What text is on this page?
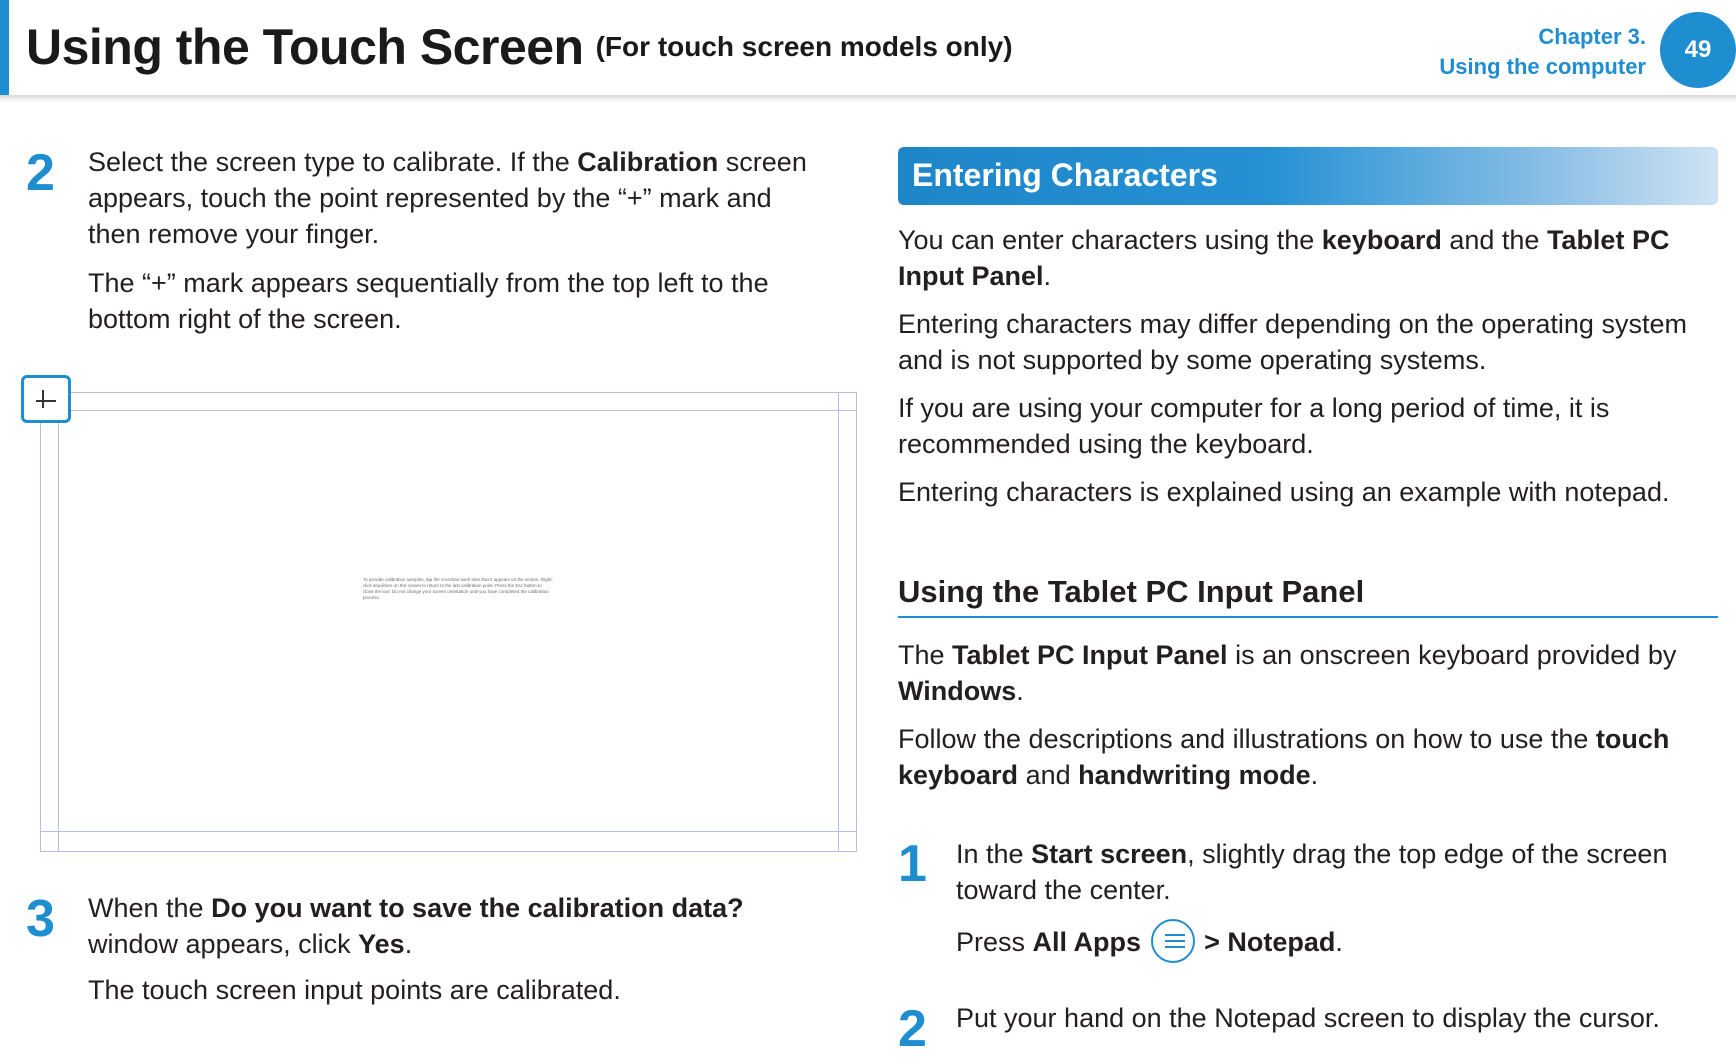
Using the Touch Screen (For touch screen models only)	Chapter 3.
Using the computer
49
2 Select the screen type to calibrate. If the Calibration screen
appears, touch the point represented by the “+” mark and
then remove your finger.
The “+” mark appears sequentially from the top left to the
bottom right of the screen.
To provide calibration samples, tap the crosshair each time that it appears on the screen. Right-click anywhere on the screen to return to the last calibration point. Press the Esc button to close the tool. Do not change your screen orientation until you have completed the calibration process.
3 When the Do you want to save the calibration data?
window appears, click Yes.
The touch screen input points are calibrated.
Entering Characters
You can enter characters using the keyboard and the Tablet PC
Input Panel.
Entering characters may differ depending on the operating system
and is not supported by some operating systems.
If you are using your computer for a long period of time, it is
recommended using the keyboard.
Entering characters is explained using an example with notepad.
Using the Tablet PC Input Panel
The Tablet PC Input Panel is an onscreen keyboard provided by
Windows.
Follow the descriptions and illustrations on how to use the touch
keyboard and handwriting mode.
1 In the Start screen, slightly drag the top edge of the screen
toward the center.
Press All Apps > Notepad.
2 Put your hand on the Notepad screen to display the cursor.
